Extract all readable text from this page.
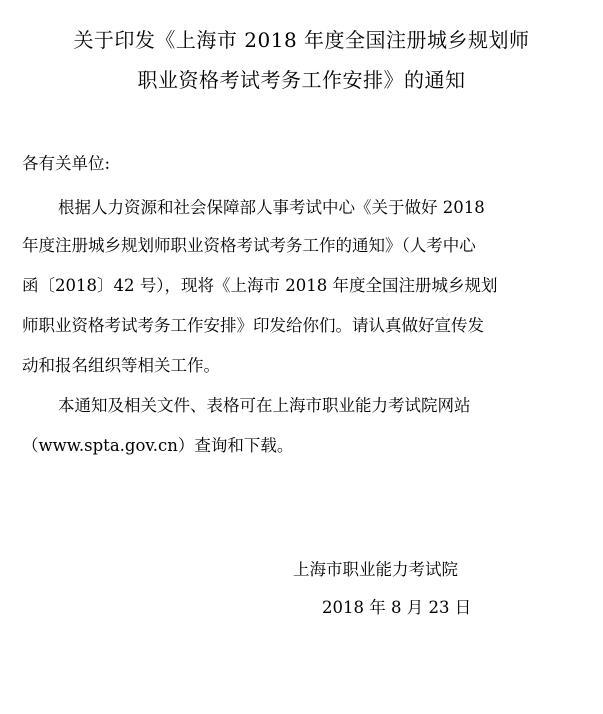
关于印发《上海市 2018 年度全国注册城乡规划师
职业资格考试考务工作安排》的通知
各有关单位:
根据人力资源和社会保障部人事考试中心《关于做好 2018
年度注册城乡规划师职业资格考试考务工作的通知》（人考中心
函〔2018〕42 号），现将《上海市 2018 年度全国注册城乡规划
师职业资格考试考务工作安排》印发给你们。请认真做好宣传发
动和报名组织等相关工作。
本通知及相关文件、表格可在上海市职业能力考试院网站
（www.spta.gov.cn）查询和下载。
上海市职业能力考试院
2018 年 8 月 23 日
